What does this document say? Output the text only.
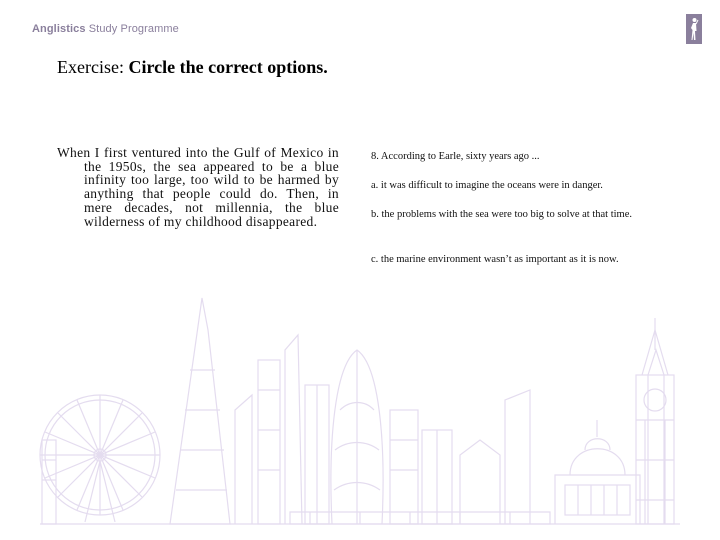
Anglistics Study Programme
Exercise: Circle the correct options.
When I first ventured into the Gulf of Mexico in the 1950s, the sea appeared to be a blue infinity too large, too wild to be harmed by anything that people could do. Then, in mere decades, not millennia, the blue wilderness of my childhood disappeared.
8. According to Earle, sixty years ago ...
a. it was difficult to imagine the oceans were in danger.
b. the problems with the sea were too big to solve at that time.
c. the marine environment wasn’t as important as it is now.
